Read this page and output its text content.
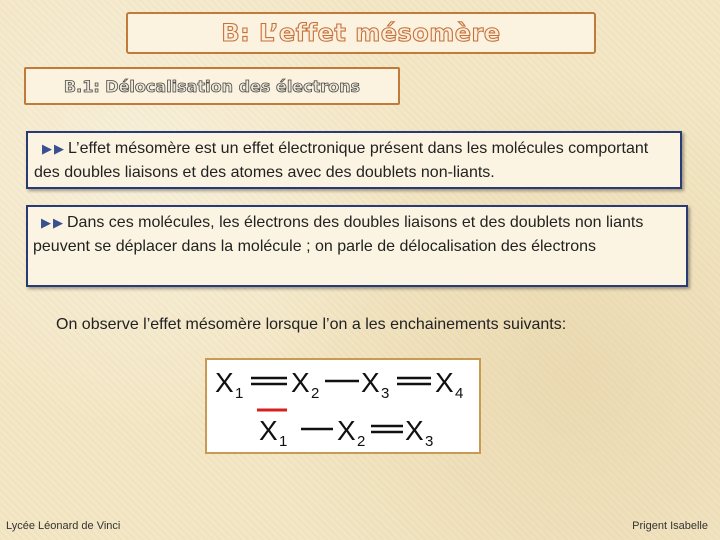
B: L’effet mésomère
B.1: Délocalisation des électrons
▶▶ L’effet mésomère est un effet électronique présent dans les molécules comportant des doubles liaisons et des atomes avec des doublets non-liants.
▶▶ Dans ces molécules, les électrons des doubles liaisons et des doublets non liants peuvent se déplacer dans la molécule ; on parle de délocalisation des électrons
On observe l’effet mésomère lorsque l’on a les enchainements suivants:
X 1 X 2 X 3 X 4
X 1 X 2 X 3
Lycée Léonard de Vinci	Prigent Isabelle
